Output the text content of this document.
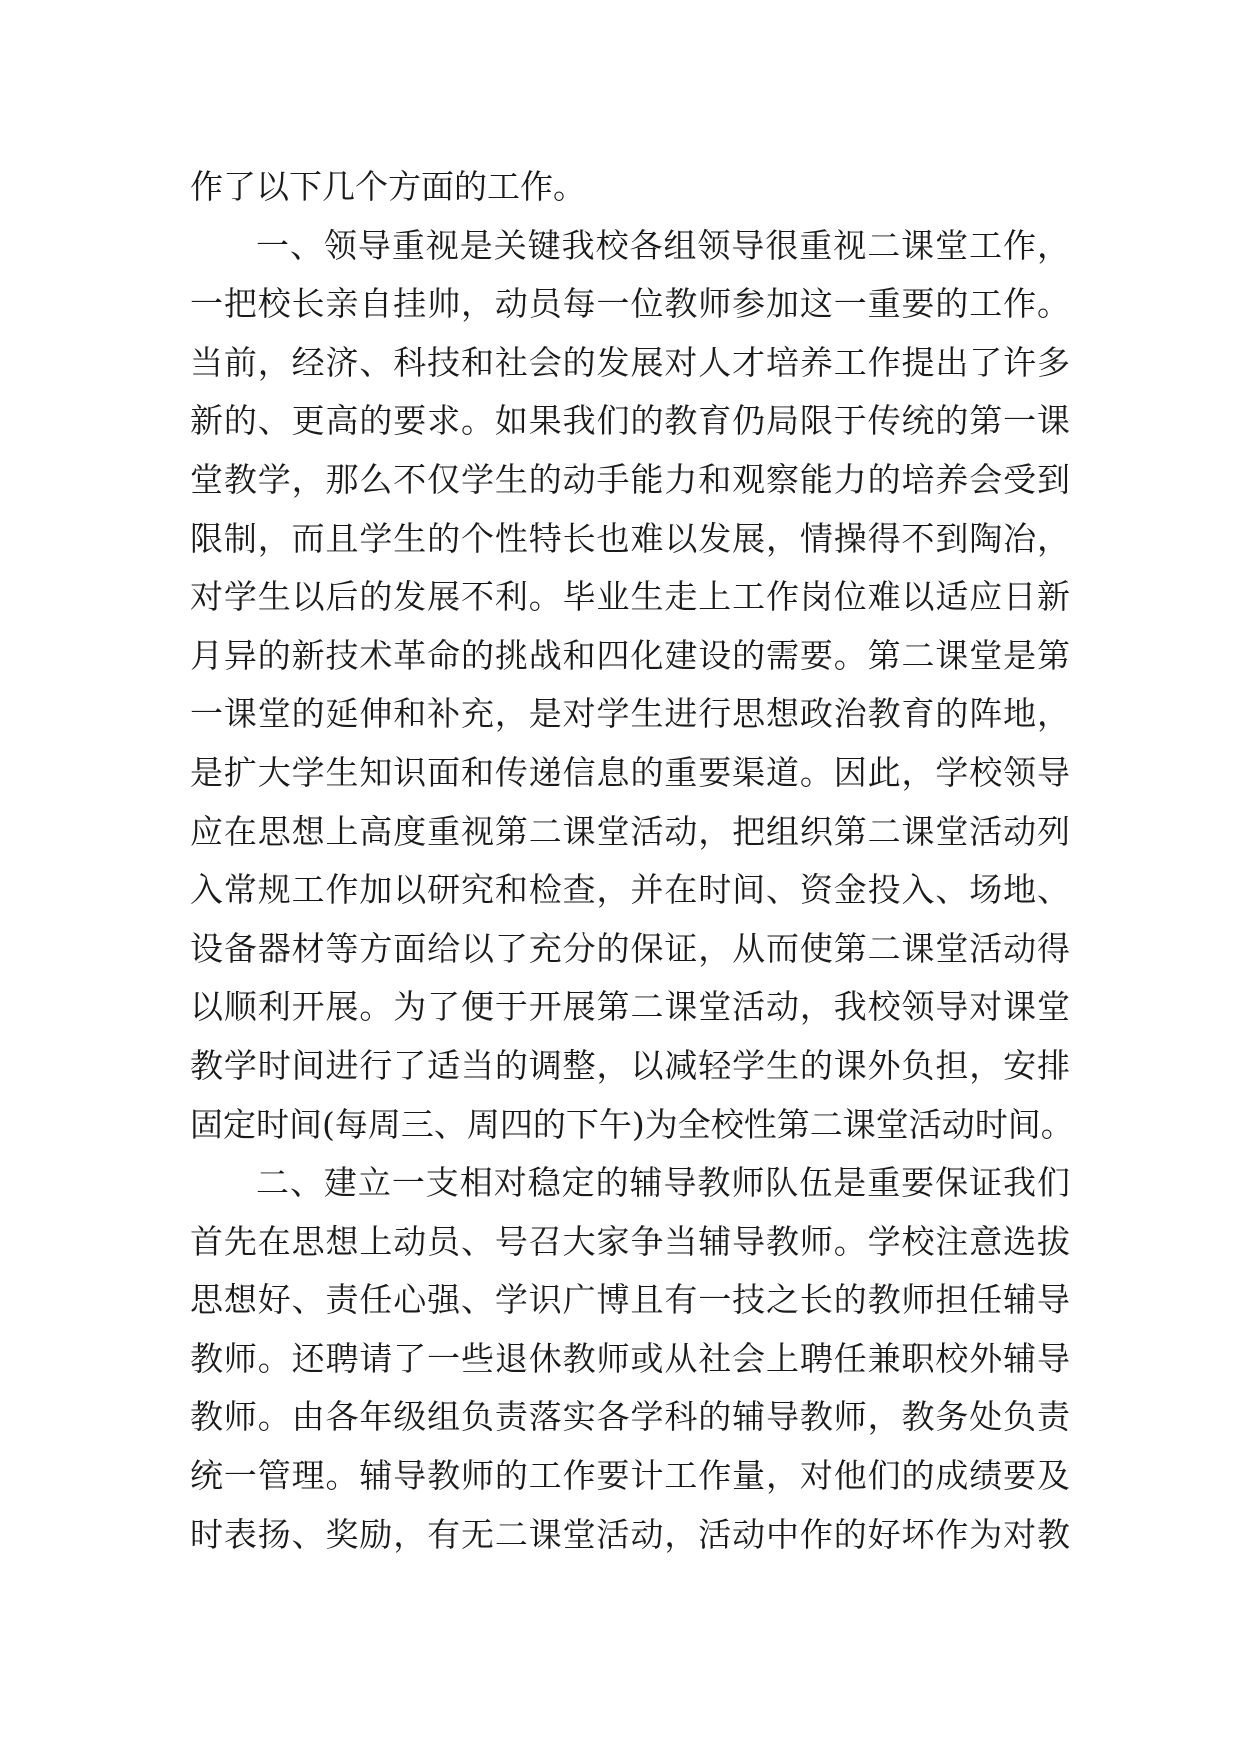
作了以下几个方面的工作。
一、领导重视是关键我校各组领导很重视二课堂工作，
一把校长亲自挂帅，动员每一位教师参加这一重要的工作。
当前，经济、科技和社会的发展对人才培养工作提出了许多
新的、更高的要求。如果我们的教育仍局限于传统的第一课
堂教学，那么不仅学生的动手能力和观察能力的培养会受到
限制，而且学生的个性特长也难以发展，情操得不到陶冶，
对学生以后的发展不利。毕业生走上工作岗位难以适应日新
月异的新技术革命的挑战和四化建设的需要。第二课堂是第
一课堂的延伸和补充，是对学生进行思想政治教育的阵地，
是扩大学生知识面和传递信息的重要渠道。因此，学校领导
应在思想上高度重视第二课堂活动，把组织第二课堂活动列
入常规工作加以研究和检查，并在时间、资金投入、场地、
设备器材等方面给以了充分的保证，从而使第二课堂活动得
以顺利开展。为了便于开展第二课堂活动，我校领导对课堂
教学时间进行了适当的调整，以减轻学生的课外负担，安排
固定时间(每周三、周四的下午)为全校性第二课堂活动时间。
二、建立一支相对稳定的辅导教师队伍是重要保证我们
首先在思想上动员、号召大家争当辅导教师。学校注意选拔
思想好、责任心强、学识广博且有一技之长的教师担任辅导
教师。还聘请了一些退休教师或从社会上聘任兼职校外辅导
教师。由各年级组负责落实各学科的辅导教师，教务处负责
统一管理。辅导教师的工作要计工作量，对他们的成绩要及
时表扬、奖励，有无二课堂活动，活动中作的好坏作为对教
